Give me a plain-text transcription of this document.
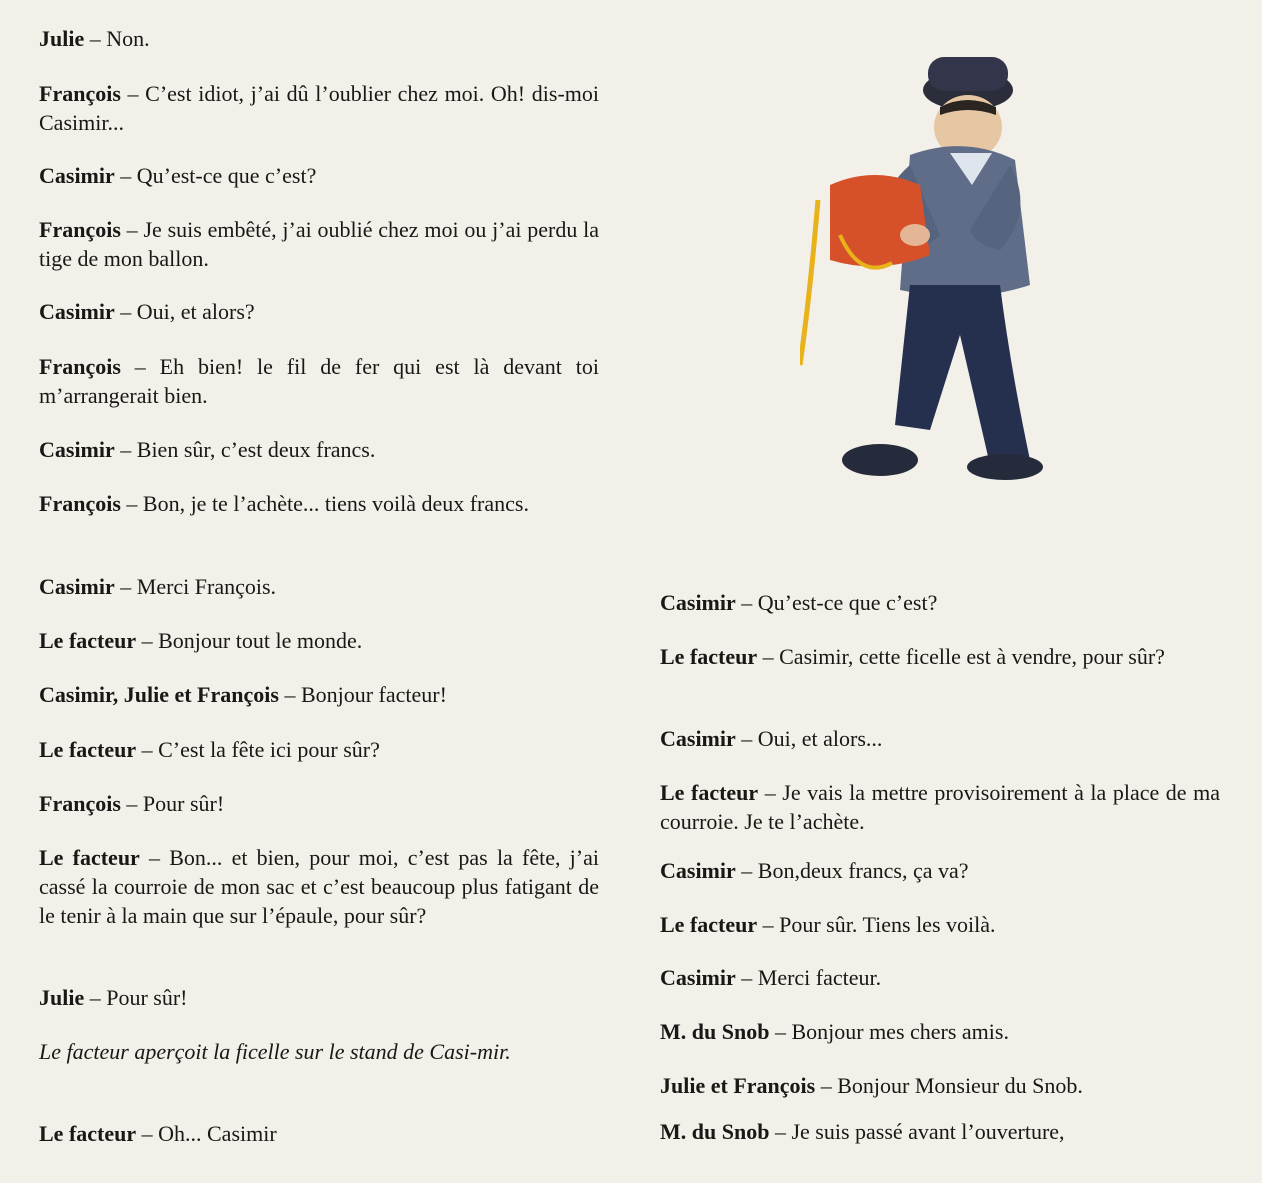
Julie – Non.

François – C’est idiot, j’ai dû l’oublier chez moi. Oh! dis-moi Casimir...

Casimir – Qu’est-ce que c’est?

François – Je suis embêté, j’ai oublié chez moi ou j’ai perdu la tige de mon ballon.

Casimir – Oui, et alors?

François – Eh bien! le fil de fer qui est là devant toi m’arrangerait bien.

Casimir – Bien sûr, c’est deux francs.

François – Bon, je te l’achète... tiens voilà deux francs.

Casimir – Merci François.

Le facteur – Bonjour tout le monde.

Casimir, Julie et François – Bonjour facteur!

Le facteur – C’est la fête ici pour sûr?

François – Pour sûr!

Le facteur – Bon... et bien, pour moi, c’est pas la fête, j’ai cassé la courroie de mon sac et c’est beaucoup plus fatigant de le tenir à la main que sur l’épaule, pour sûr?

Julie – Pour sûr!

Le facteur aperçoit la ficelle sur le stand de Casi-mir.

Le facteur – Oh... Casimir

Casimir – Qu’est-ce que c’est?

Le facteur – Casimir, cette ficelle est à vendre, pour sûr?

Casimir – Oui, et alors...

Le facteur – Je vais la mettre provisoirement à la place de ma courroie. Je te l’achète.

Casimir – Bon,deux francs, ça va?

Le facteur – Pour sûr. Tiens les voilà.

Casimir – Merci facteur.

M. du Snob – Bonjour mes chers amis.

Julie et François – Bonjour Monsieur du Snob.

M. du Snob – Je suis passé avant l’ouverture,
